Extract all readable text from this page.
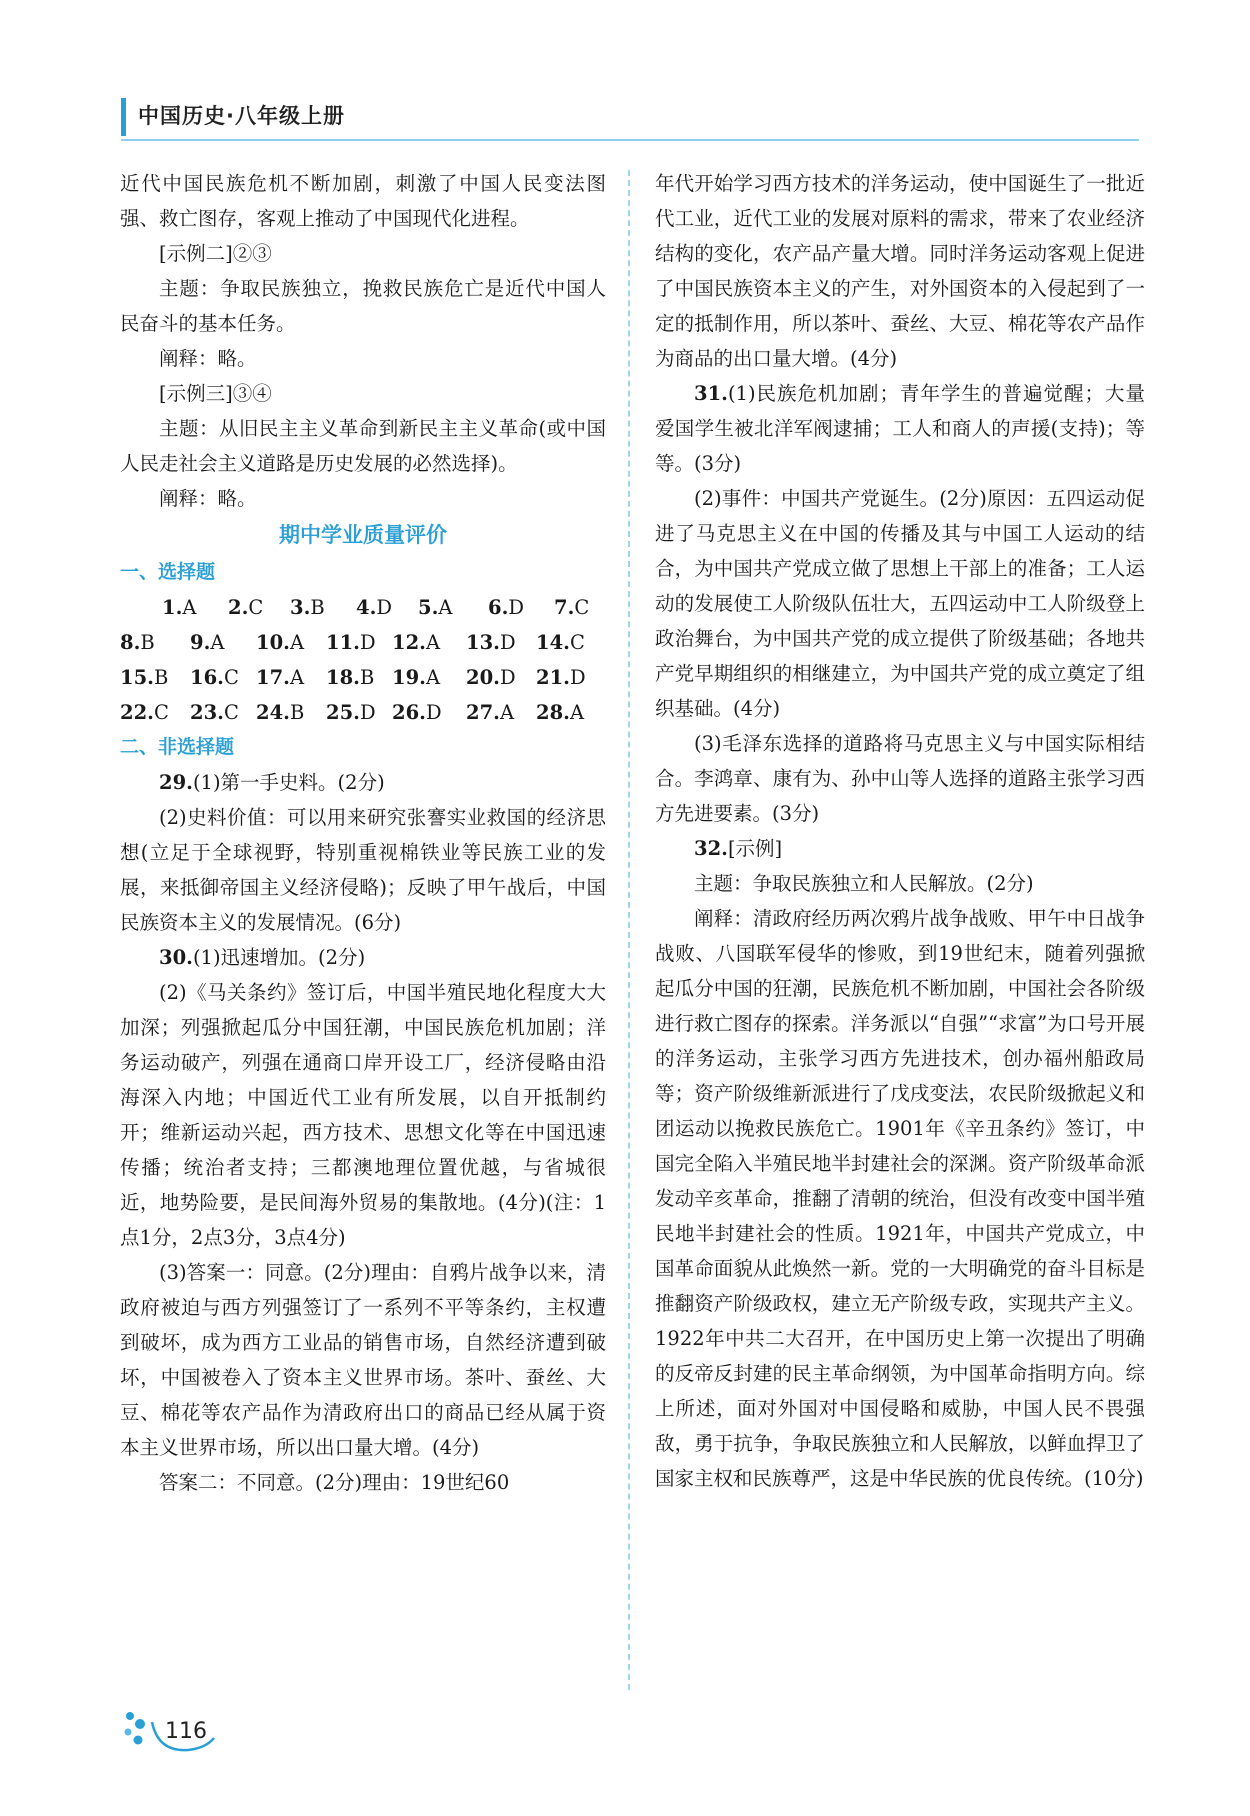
中国历史·八年级上册

近代中国民族危机不断加剧，刺激了中国人民变法图强、救亡图存，客观上推动了中国现代化进程。

[示例二]②③

主题：争取民族独立，挽救民族危亡是近代中国人民奋斗的基本任务。

阐释：略。

[示例三]③④

主题：从旧民主主义革命到新民主主义革命(或中国人民走社会主义道路是历史发展的必然选择)。

阐释：略。

期中学业质量评价

一、选择题

1.A	2.C	3.B	4.D	5.A	6.D	7.C
8.B	9.A	10.A	11.D 12.A	13.D	14.C
15.B	16.C 17.A	18.B 19.A	20.D	21.D
22.C	23.C 24.B	25.D 26.D	27.A	28.A

二、非选择题

29.(1)第一手史料。(2分)

(2)史料价值：可以用来研究张謇实业救国的经济思想(立足于全球视野，特别重视棉铁业等民族工业的发展，来抵御帝国主义经济侵略)；反映了甲午战后，中国民族资本主义的发展情况。(6分)

30.(1)迅速增加。(2分)

(2)《马关条约》签订后，中国半殖民地化程度大大加深；列强掀起瓜分中国狂潮，中国民族危机加剧；洋务运动破产，列强在通商口岸开设工厂，经济侵略由沿海深入内地；中国近代工业有所发展，以自开抵制约开；维新运动兴起，西方技术、思想文化等在中国迅速传播；统治者支持；三都澳地理位置优越，与省城很近，地势险要，是民间海外贸易的集散地。(4分)(注：1点1分，2点3分，3点4分)

(3)答案一：同意。(2分)理由：自鸦片战争以来，清政府被迫与西方列强签订了一系列不平等条约，主权遭到破坏，成为西方工业品的销售市场，自然经济遭到破坏，中国被卷入了资本主义世界市场。茶叶、蚕丝、大豆、棉花等农产品作为清政府出口的商品已经从属于资本主义世界市场，所以出口量大增。(4分)

答案二：不同意。(2分)理由：19世纪60

年代开始学习西方技术的洋务运动，使中国诞生了一批近代工业，近代工业的发展对原料的需求，带来了农业经济结构的变化，农产品产量大增。同时洋务运动客观上促进了中国民族资本主义的产生，对外国资本的入侵起到了一定的抵制作用，所以茶叶、蚕丝、大豆、棉花等农产品作为商品的出口量大增。(4分)

31.(1)民族危机加剧；青年学生的普遍觉醒；大量爱国学生被北洋军阀逮捕；工人和商人的声援(支持)；等等。(3分)

(2)事件：中国共产党诞生。(2分)原因：五四运动促进了马克思主义在中国的传播及其与中国工人运动的结合，为中国共产党成立做了思想上干部上的准备；工人运动的发展使工人阶级队伍壮大，五四运动中工人阶级登上政治舞台，为中国共产党的成立提供了阶级基础；各地共产党早期组织的相继建立，为中国共产党的成立奠定了组织基础。(4分)

(3)毛泽东选择的道路将马克思主义与中国实际相结合。李鸿章、康有为、孙中山等人选择的道路主张学习西方先进要素。(3分)

32.[示例]

主题：争取民族独立和人民解放。(2分)

阐释：清政府经历两次鸦片战争战败、甲午中日战争战败、八国联军侵华的惨败，到19世纪末，随着列强掀起瓜分中国的狂潮，民族危机不断加剧，中国社会各阶级进行救亡图存的探索。洋务派以“自强”“求富”为口号开展的洋务运动，主张学习西方先进技术，创办福州船政局等；资产阶级维新派进行了戊戌变法，农民阶级掀起义和团运动以挽救民族危亡。1901年《辛丑条约》签订，中国完全陷入半殖民地半封建社会的深渊。资产阶级革命派发动辛亥革命，推翻了清朝的统治，但没有改变中国半殖民地半封建社会的性质。1921年，中国共产党成立，中国革命面貌从此焕然一新。党的一大明确党的奋斗目标是推翻资产阶级政权，建立无产阶级专政，实现共产主义。1922年中共二大召开，在中国历史上第一次提出了明确的反帝反封建的民主革命纲领，为中国革命指明方向。综上所述，面对外国对中国侵略和威胁，中国人民不畏强敌，勇于抗争，争取民族独立和人民解放，以鲜血捍卫了国家主权和民族尊严，这是中华民族的优良传统。(10分)

116
